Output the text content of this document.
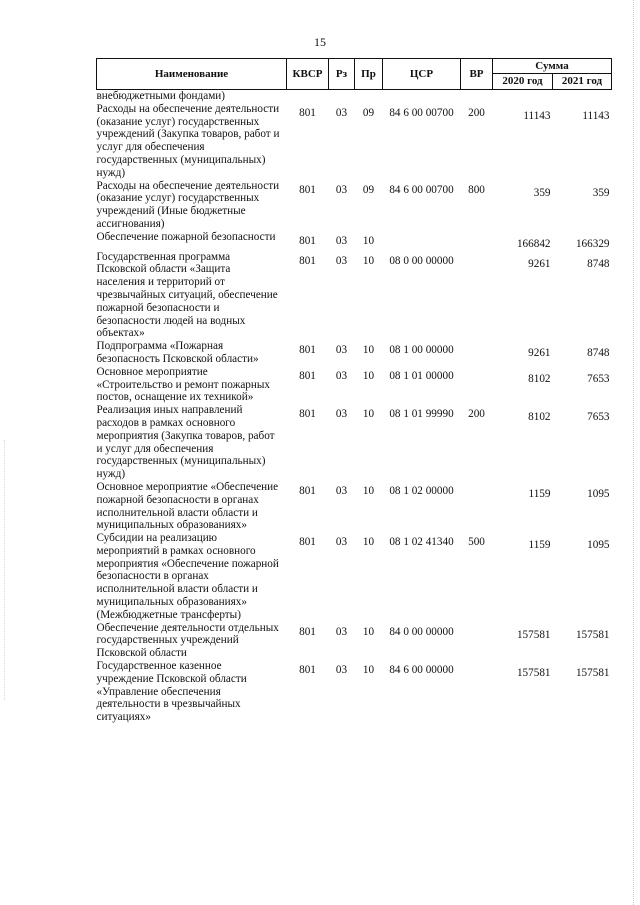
15
Наименование	КВСР	Рз	Пр	ЦСР	ВР	Сумма	
						2020 год	2021 год
внебюджетными фондами)							
Расходы на обеспечение деятельности (оказание услуг) государственных учреждений (Закупка товаров, работ и услуг для обеспечения государственных (муниципальных) нужд)	801	03	09	84 6 00 00700	200	11143	11143
Расходы на обеспечение деятельности (оказание услуг) государственных учреждений (Иные бюджетные ассигнования)	801	03	09	84 6 00 00700	800	359	359
Обеспечение пожарной безопасности	801	03	10			166842	166329
Государственная программа Псковской области «Защита населения и территорий от чрезвычайных ситуаций, обеспечение пожарной безопасности и безопасности людей на водных объектах»	801	03	10	08 0 00 00000		9261	8748
Подпрограмма «Пожарная безопасность Псковской области»	801	03	10	08 1 00 00000		9261	8748
Основное мероприятие «Строительство и ремонт пожарных постов, оснащение их техникой»	801	03	10	08 1 01 00000		8102	7653
Реализация иных направлений расходов в рамках основного мероприятия (Закупка товаров, работ и услуг для обеспечения государственных (муниципальных) нужд)	801	03	10	08 1 01 99990	200	8102	7653
Основное мероприятие «Обеспечение пожарной безопасности в органах исполнительной власти области и муниципальных образованиях»	801	03	10	08 1 02 00000		1159	1095
Субсидии на реализацию мероприятий в рамках основного мероприятия «Обеспечение пожарной безопасности в органах исполнительной власти области и муниципальных образованиях» (Межбюджетные трансферты)	801	03	10	08 1 02 41340	500	1159	1095
Обеспечение деятельности отдельных государственных учреждений Псковской области	801	03	10	84 0 00 00000		157581	157581
Государственное казенное учреждение Псковской области «Управление обеспечения деятельности в чрезвычайных ситуациях»	801	03	10	84 6 00 00000		157581	157581
